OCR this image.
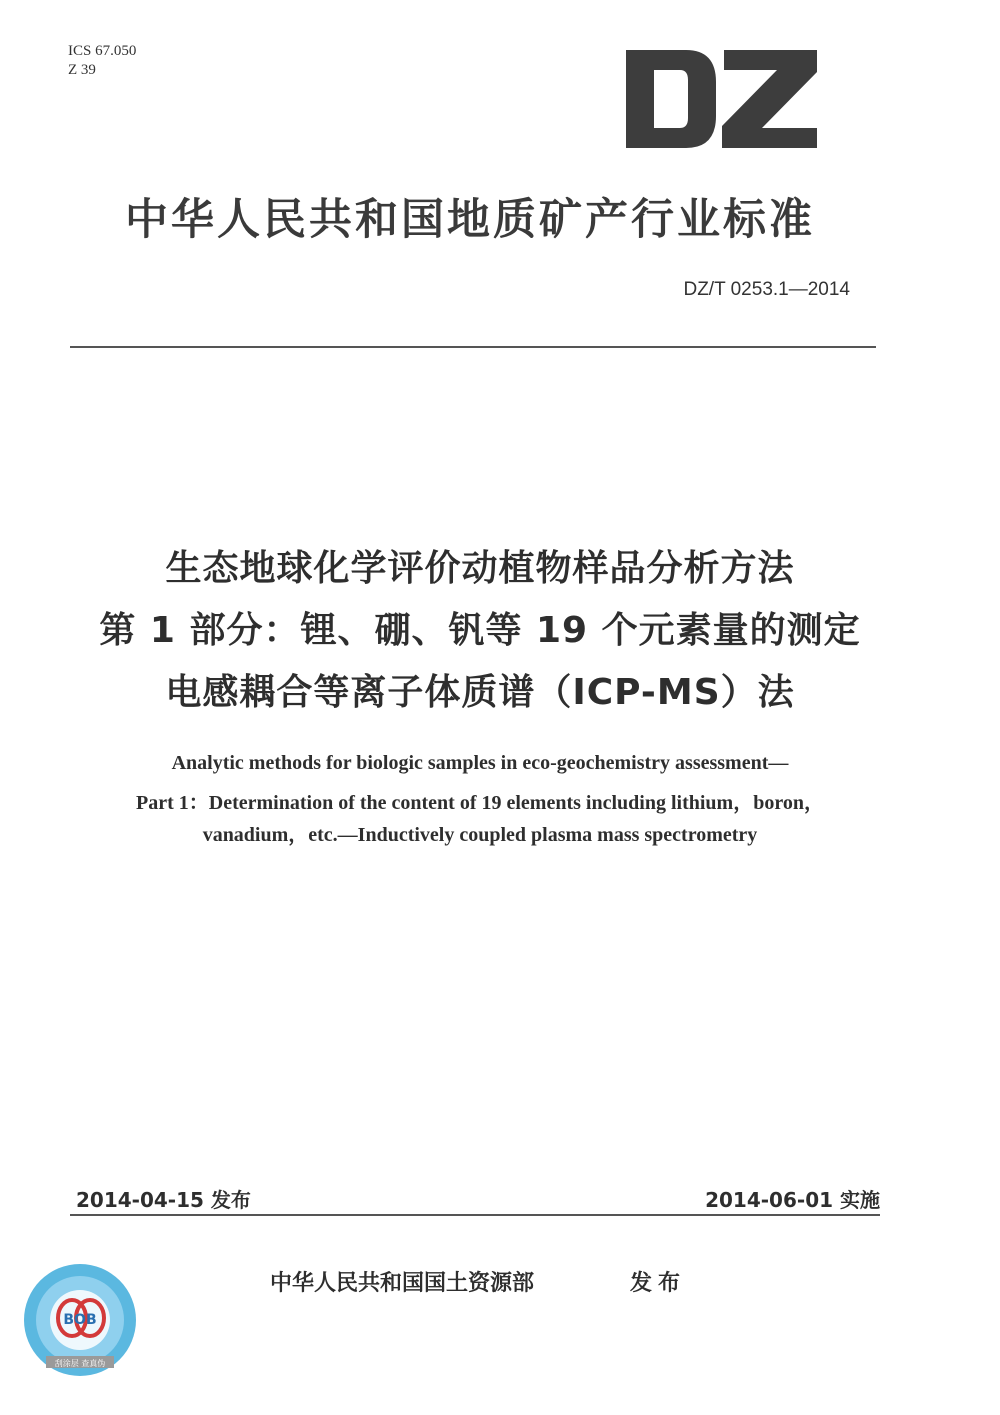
ICS 67.050
Z 39
中华人民共和国地质矿产行业标准
DZ/T 0253.1—2014
生态地球化学评价动植物样品分析方法
第 1 部分：锂、硼、钒等 19 个元素量的测定
电感耦合等离子体质谱（ICP-MS）法
Analytic methods for biologic samples in eco-geochemistry assessment—
Part 1：Determination of the content of 19 elements including lithium，boron，
vanadium，etc.—Inductively coupled plasma mass spectrometry
2014-04-15 发布	2014-06-01 实施
BOB
刮涂层 查真伪
中华人民共和国国土资源部	发布
